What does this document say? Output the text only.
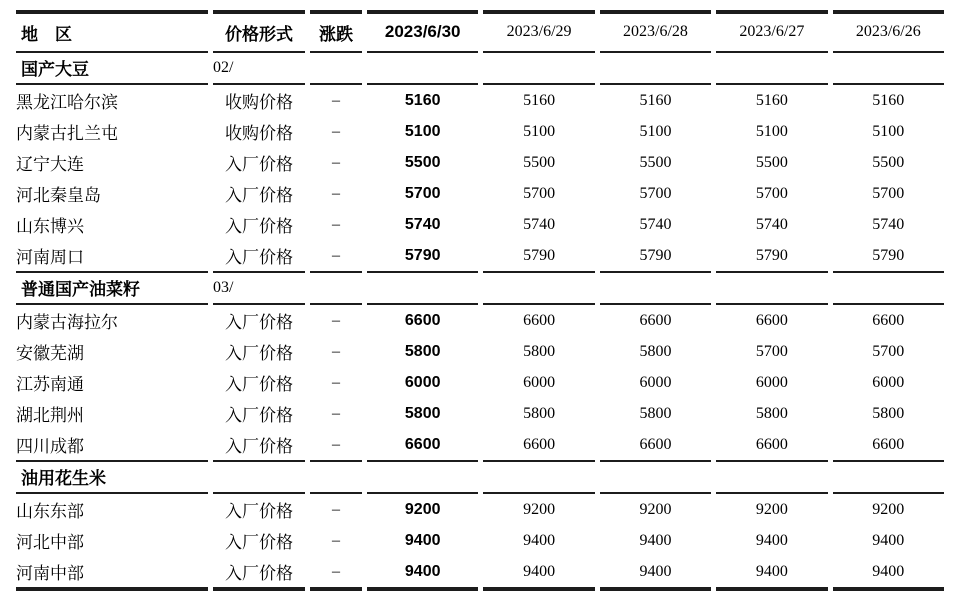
地　区	价格形式	涨跌	2023/6/30	2023/6/29	2023/6/28	2023/6/27	2023/6/26
国产大豆	02/						
黑龙江哈尔滨	收购价格	–	5160	5160	5160	5160	5160
内蒙古扎兰屯	收购价格	–	5100	5100	5100	5100	5100
辽宁大连	入厂价格	–	5500	5500	5500	5500	5500
河北秦皇岛	入厂价格	–	5700	5700	5700	5700	5700
山东博兴	入厂价格	–	5740	5740	5740	5740	5740
河南周口	入厂价格	–	5790	5790	5790	5790	5790
普通国产油菜籽	03/						
内蒙古海拉尔	入厂价格	–	6600	6600	6600	6600	6600
安徽芜湖	入厂价格	–	5800	5800	5800	5700	5700
江苏南通	入厂价格	–	6000	6000	6000	6000	6000
湖北荆州	入厂价格	–	5800	5800	5800	5800	5800
四川成都	入厂价格	–	6600	6600	6600	6600	6600
油用花生米							
山东东部	入厂价格	–	9200	9200	9200	9200	9200
河北中部	入厂价格	–	9400	9400	9400	9400	9400
河南中部	入厂价格	–	9400	9400	9400	9400	9400
